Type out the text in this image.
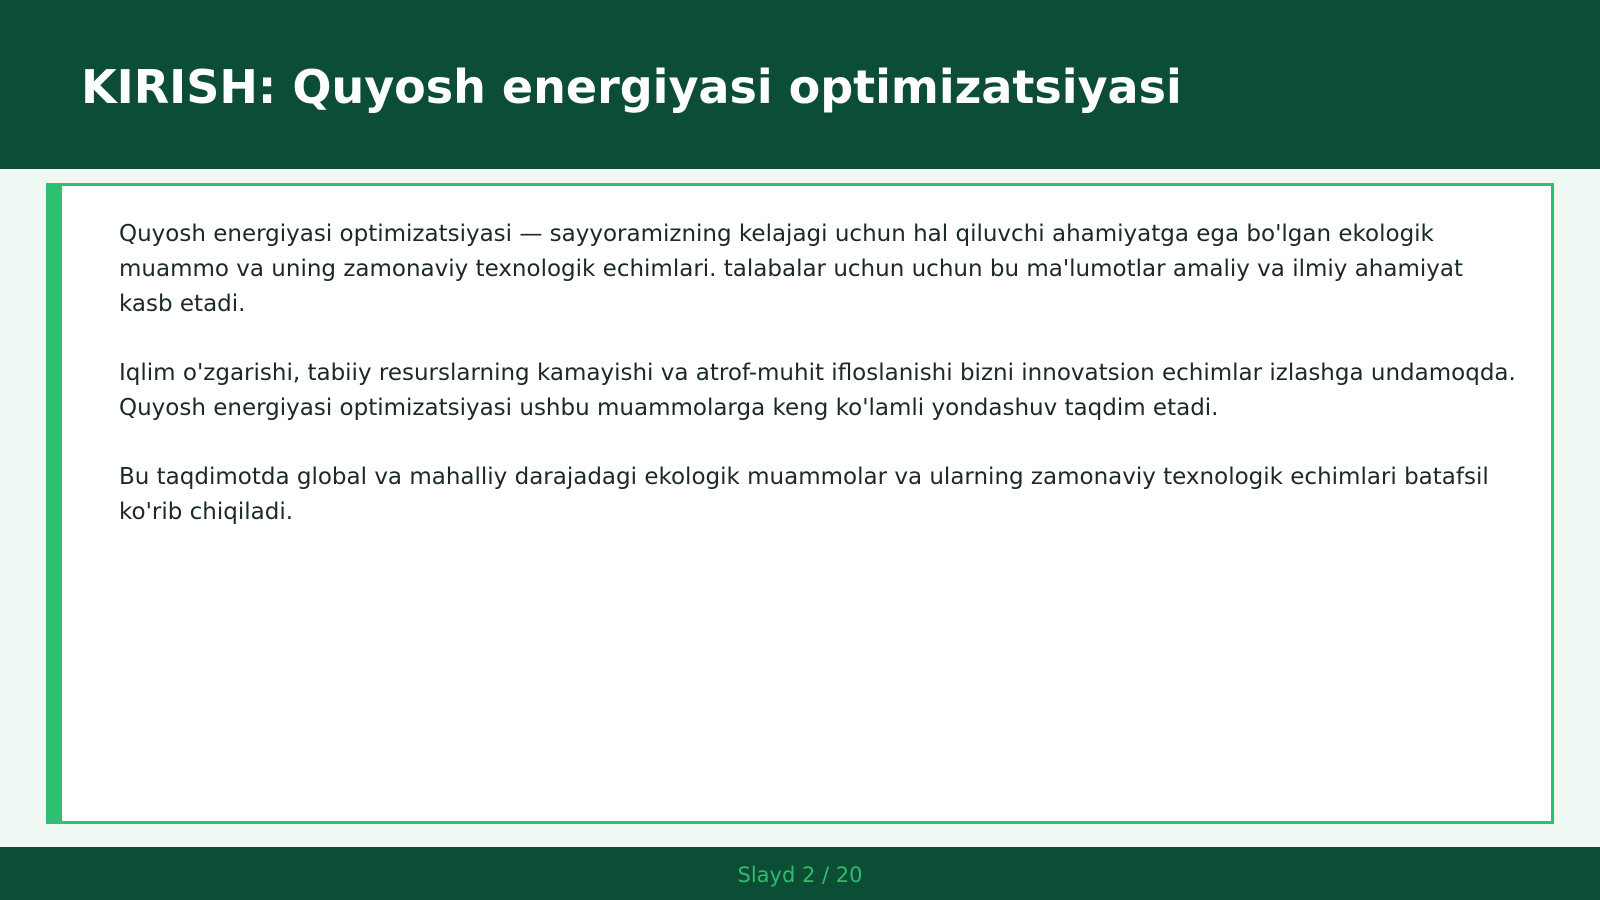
KIRISH: Quyosh energiyasi optimizatsiyasi

Quyosh energiyasi optimizatsiyasi — sayyoramizning kelajagi uchun hal qiluvchi ahamiyatga ega bo'lgan ekologik muammo va uning zamonaviy texnologik echimlari. talabalar uchun uchun bu ma'lumotlar amaliy va ilmiy ahamiyat kasb etadi.

Iqlim o'zgarishi, tabiiy resurslarning kamayishi va atrof-muhit ifloslanishi bizni innovatsion echimlar izlashga undamoqda. Quyosh energiyasi optimizatsiyasi ushbu muammolarga keng ko'lamli yondashuv taqdim etadi.

Bu taqdimotda global va mahalliy darajadagi ekologik muammolar va ularning zamonaviy texnologik echimlari batafsil ko'rib chiqiladi.

Slayd 2 / 20
